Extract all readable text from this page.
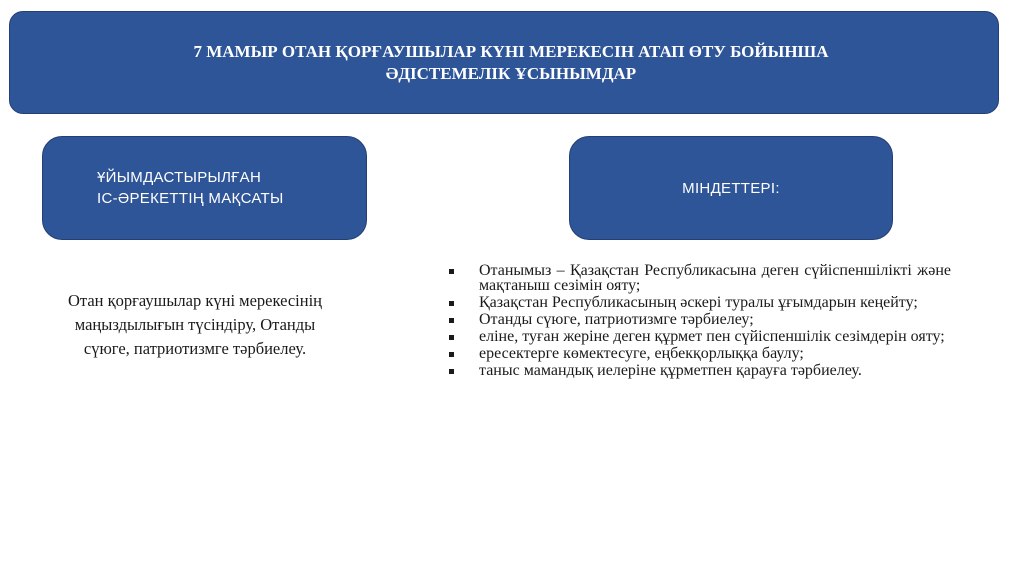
7 МАМЫР ОТАН ҚОРҒАУШЫЛАР КҮНІ МЕРЕКЕСІН АТАП ӨТУ БОЙЫНША
ӘДІСТЕМЕЛІК ҰСЫНЫМДАР
ҰЙЫМДАСТЫРЫЛҒАН
ІС-ӘРЕКЕТТІҢ МАҚСАТЫ
МІНДЕТТЕРІ:
Отан қорғаушылар күні мерекесінің
маңыздылығын түсіндіру, Отанды
сүюге, патриотизмге тәрбиелеу.
Отанымыз – Қазақстан Республикасына деген сүйіспеншілікті және мақтаныш сезімін ояту;
Қазақстан Республикасының әскері туралы ұғымдарын кеңейту;
Отанды сүюге, патриотизмге тәрбиелеу;
еліне, туған жеріне деген құрмет пен сүйіспеншілік сезімдерін ояту;
ересектерге көмектесуге, еңбекқорлыққа баулу;
таныс мамандық иелеріне құрметпен қарауға тәрбиелеу.
